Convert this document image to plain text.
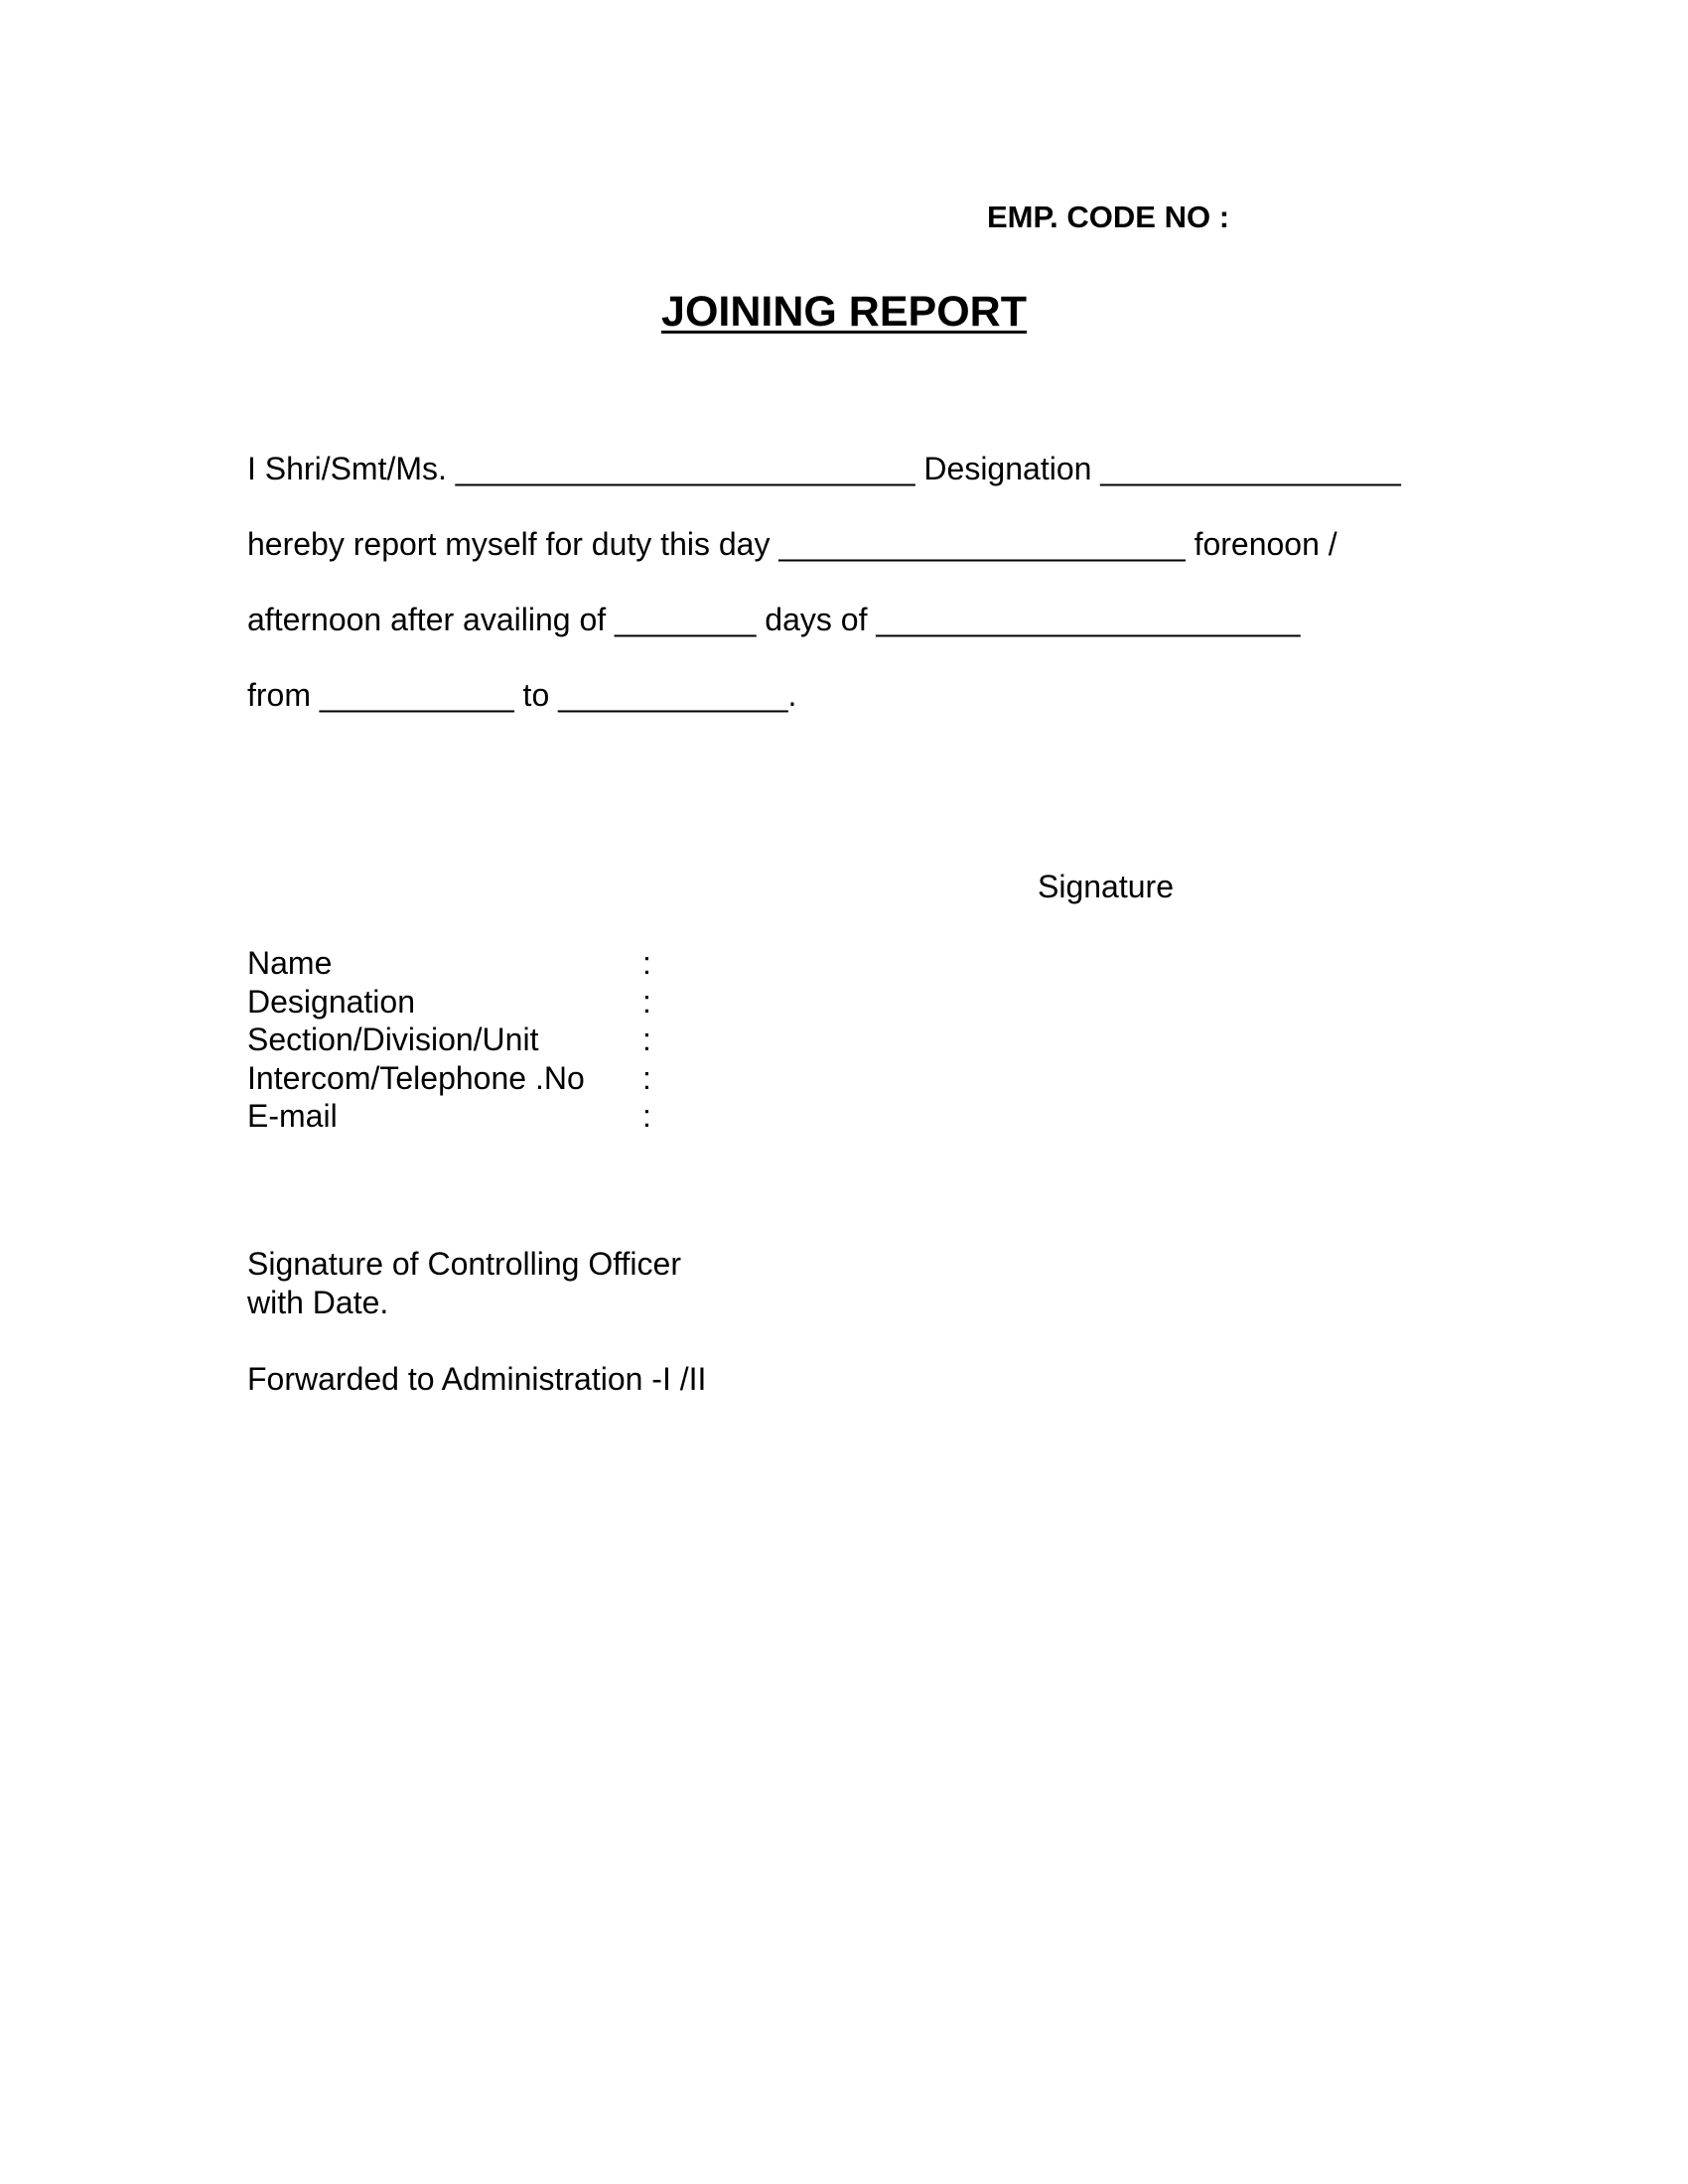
EMP. CODE NO :
JOINING REPORT
I Shri/Smt/Ms. __________________________ Designation _________________
hereby report myself for duty this day _______________________ forenoon /
afternoon after availing of ________ days of ________________________
from ___________ to _____________.
Signature
Name	:
Designation	:
Section/Division/Unit	:
Intercom/Telephone .No :
E-mail	:
Signature of Controlling Officer
with Date.
Forwarded to Administration -I /II
